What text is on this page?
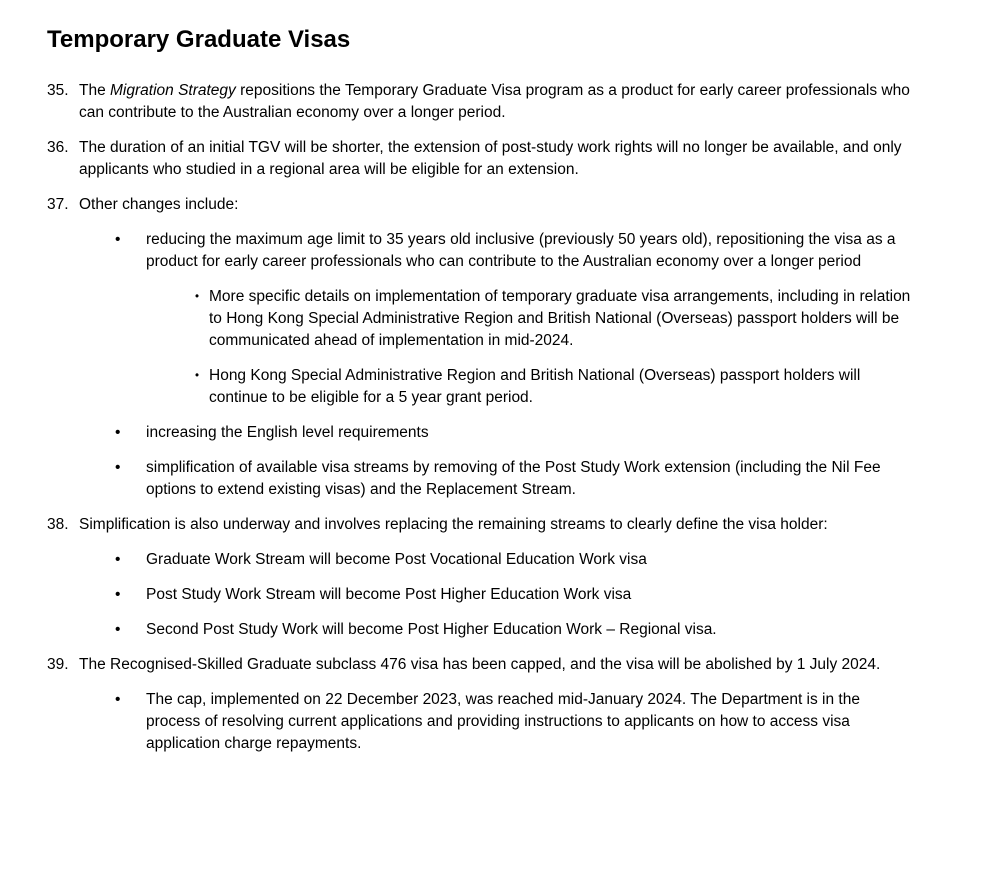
Temporary Graduate Visas
35. The Migration Strategy repositions the Temporary Graduate Visa program as a product for early career professionals who can contribute to the Australian economy over a longer period.
36. The duration of an initial TGV will be shorter, the extension of post-study work rights will no longer be available, and only applicants who studied in a regional area will be eligible for an extension.
37. Other changes include:
•	reducing the maximum age limit to 35 years old inclusive (previously 50 years old), repositioning the visa as a product for early career professionals who can contribute to the Australian economy over a longer period
• More specific details on implementation of temporary graduate visa arrangements, including in relation to Hong Kong Special Administrative Region and British National (Overseas) passport holders will be communicated ahead of implementation in mid-2024.
• Hong Kong Special Administrative Region and British National (Overseas) passport holders will continue to be eligible for a 5 year grant period.
•	increasing the English level requirements
•	simplification of available visa streams by removing of the Post Study Work extension (including the Nil Fee options to extend existing visas) and the Replacement Stream.
38. Simplification is also underway and involves replacing the remaining streams to clearly define the visa holder:
•	Graduate Work Stream will become Post Vocational Education Work visa
•	Post Study Work Stream will become Post Higher Education Work visa
•	Second Post Study Work will become Post Higher Education Work – Regional visa.
39. The Recognised-Skilled Graduate subclass 476 visa has been capped, and the visa will be abolished by 1 July 2024.
•	The cap, implemented on 22 December 2023, was reached mid-January 2024. The Department is in the process of resolving current applications and providing instructions to applicants on how to access visa application charge repayments.
